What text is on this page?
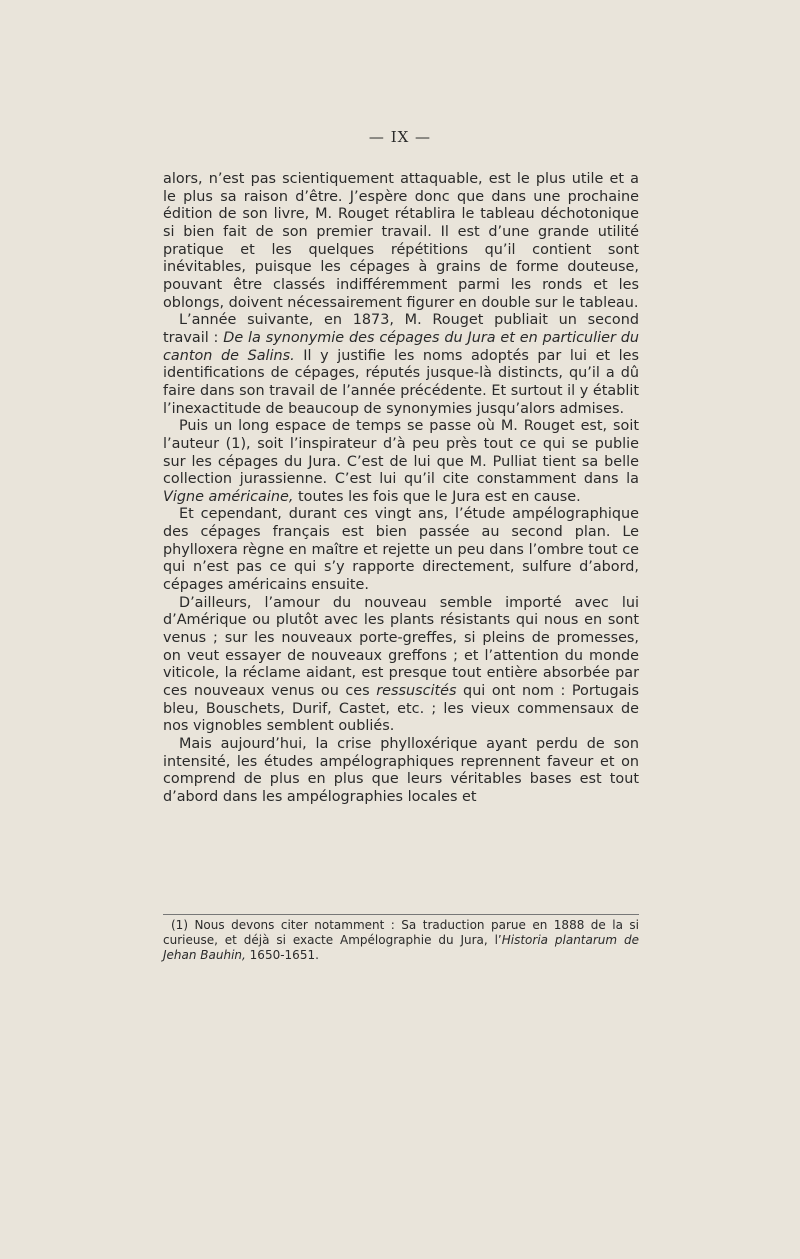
— IX —

alors, n’est pas scientiquement attaquable, est le plus utile et a le plus sa raison d’être. J’espère donc que dans une prochaine édition de son livre, M. Rouget rétablira le tableau déchotonique si bien fait de son premier travail. Il est d’une grande utilité pratique et les quelques répétitions qu’il contient sont inévitables, puisque les cépages à grains de forme douteuse, pouvant être classés indifféremment parmi les ronds et les oblongs, doivent nécessairement figurer en double sur le tableau.

L’année suivante, en 1873, M. Rouget publiait un second travail : De la synonymie des cépages du Jura et en particulier du canton de Salins. Il y justifie les noms adoptés par lui et les identifications de cépages, réputés jusque-là distincts, qu’il a dû faire dans son travail de l’année précédente. Et surtout il y établit l’inexactitude de beaucoup de synonymies jusqu’alors admises.

Puis un long espace de temps se passe où M. Rouget est, soit l’auteur (1), soit l’inspirateur d’à peu près tout ce qui se publie sur les cépages du Jura. C’est de lui que M. Pulliat tient sa belle collection jurassienne. C’est lui qu’il cite constamment dans la Vigne américaine, toutes les fois que le Jura est en cause.

Et cependant, durant ces vingt ans, l’étude ampélographique des cépages français est bien passée au second plan. Le phylloxera règne en maître et rejette un peu dans l’ombre tout ce qui n’est pas ce qui s’y rapporte directement, sulfure d’abord, cépages américains ensuite.

D’ailleurs, l’amour du nouveau semble importé avec lui d’Amérique ou plutôt avec les plants résistants qui nous en sont venus ; sur les nouveaux porte-greffes, si pleins de promesses, on veut essayer de nouveaux greffons ; et l’attention du monde viticole, la réclame aidant, est presque tout entière absorbée par ces nouveaux venus ou ces ressuscités qui ont nom : Portugais bleu, Bouschets, Durif, Castet, etc. ; les vieux commensaux de nos vignobles semblent oubliés.

Mais aujourd’hui, la crise phylloxérique ayant perdu de son intensité, les études ampélographiques reprennent faveur et on comprend de plus en plus que leurs véritables bases est tout d’abord dans les ampélographies locales et

(1) Nous devons citer notamment : Sa traduction parue en 1888 de la si curieuse, et déjà si exacte Ampélographie du Jura, l’Historia plantarum de Jehan Bauhin, 1650-1651.
